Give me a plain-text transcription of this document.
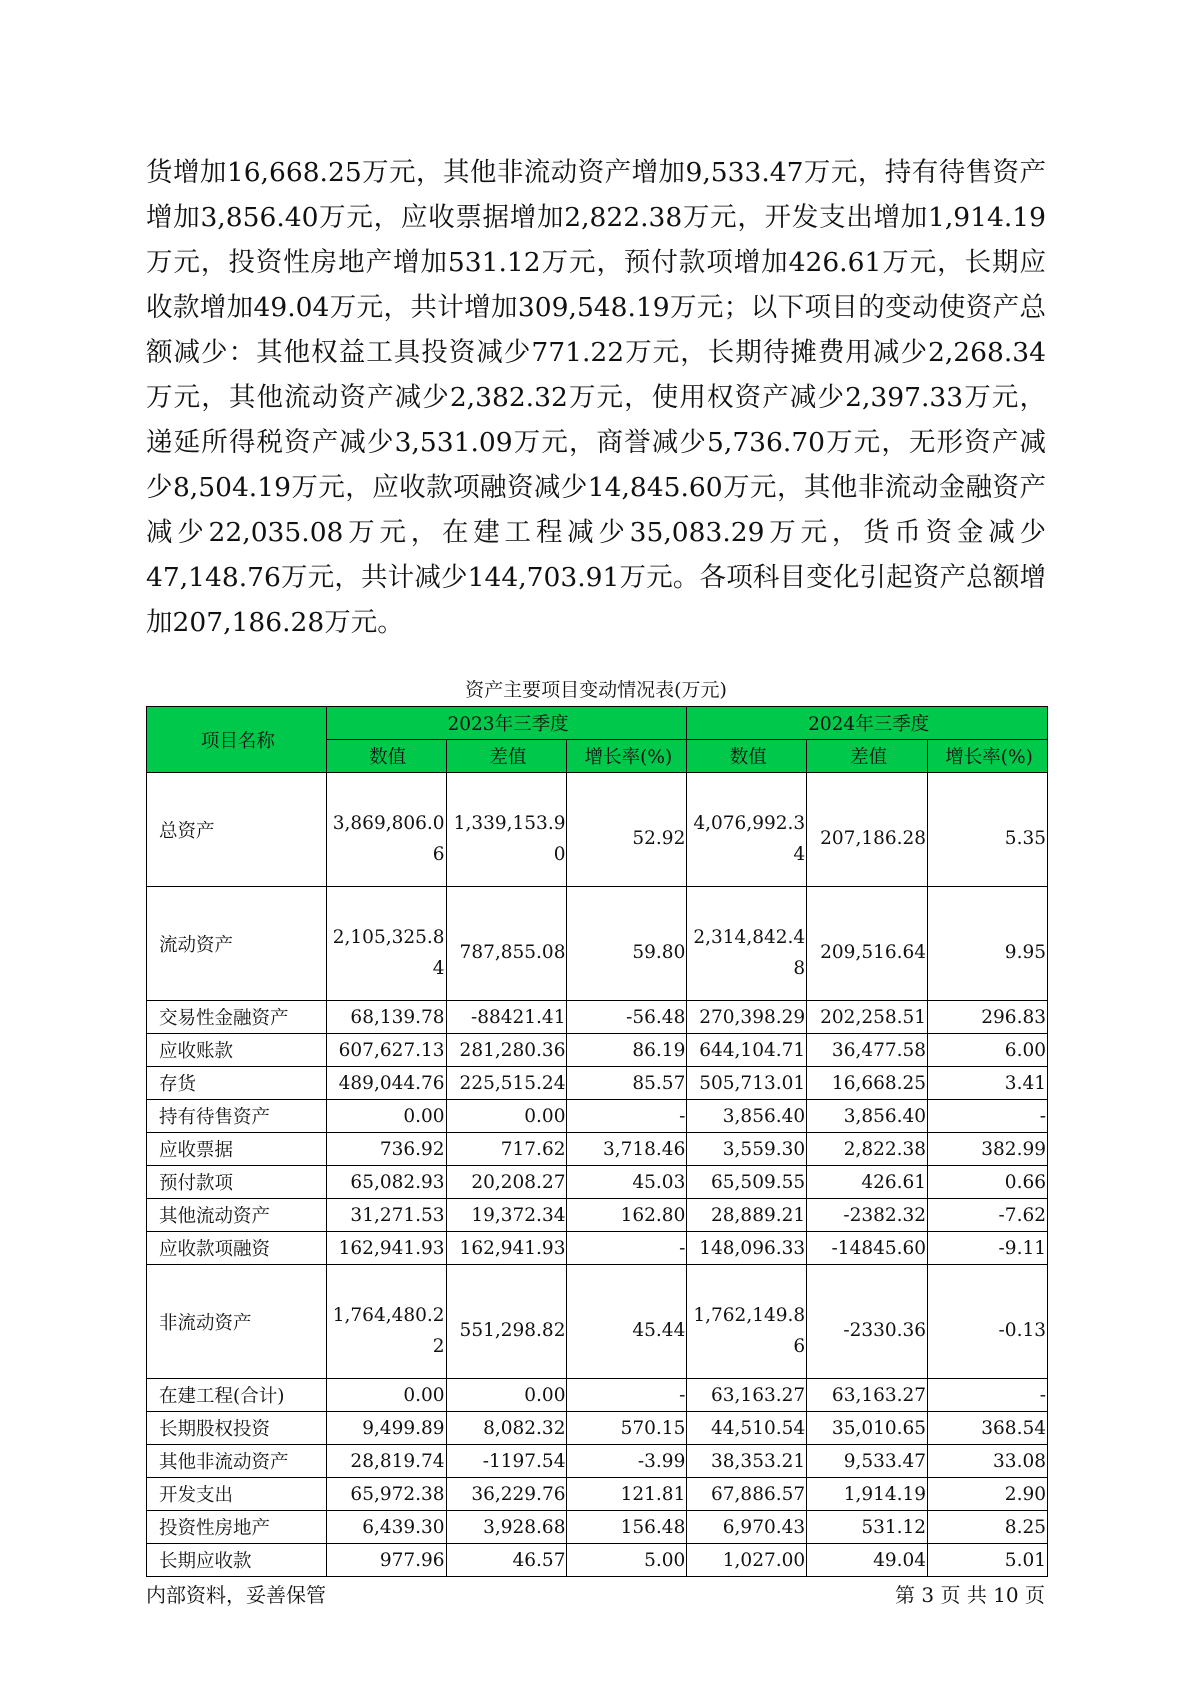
货增加16,668.25万元，其他非流动资产增加9,533.47万元，持有待售资产
增加3,856.40万元，应收票据增加2,822.38万元，开发支出增加1,914.19
万元，投资性房地产增加531.12万元，预付款项增加426.61万元，长期应
收款增加49.04万元，共计增加309,548.19万元；以下项目的变动使资产总
额减少：其他权益工具投资减少771.22万元，长期待摊费用减少2,268.34
万元，其他流动资产减少2,382.32万元，使用权资产减少2,397.33万元，
递延所得税资产减少3,531.09万元，商誉减少5,736.70万元，无形资产减
少8,504.19万元，应收款项融资减少14,845.60万元，其他非流动金融资产
减少22,035.08万元，在建工程减少35,083.29万元，货币资金减少
47,148.76万元，共计减少144,703.91万元。各项科目变化引起资产总额增
加207,186.28万元。
资产主要项目变动情况表(万元)
项目名称	2023年三季度			2024年三季度		
	数值	差值	增长率(%)	数值	差值	增长率(%)
总资产	3,869,806.06	1,339,153.90	52.92	4,076,992.34	207,186.28	5.35
流动资产	2,105,325.84	787,855.08	59.80	2,314,842.48	209,516.64	9.95
交易性金融资产	68,139.78	-88421.41	-56.48	270,398.29	202,258.51	296.83
应收账款	607,627.13	281,280.36	86.19	644,104.71	36,477.58	6.00
存货	489,044.76	225,515.24	85.57	505,713.01	16,668.25	3.41
持有待售资产	0.00	0.00	-	3,856.40	3,856.40	-
应收票据	736.92	717.62	3,718.46	3,559.30	2,822.38	382.99
预付款项	65,082.93	20,208.27	45.03	65,509.55	426.61	0.66
其他流动资产	31,271.53	19,372.34	162.80	28,889.21	-2382.32	-7.62
应收款项融资	162,941.93	162,941.93	-	148,096.33	-14845.60	-9.11
非流动资产	1,764,480.22	551,298.82	45.44	1,762,149.86	-2330.36	-0.13
在建工程(合计)	0.00	0.00	-	63,163.27	63,163.27	-
长期股权投资	9,499.89	8,082.32	570.15	44,510.54	35,010.65	368.54
其他非流动资产	28,819.74	-1197.54	-3.99	38,353.21	9,533.47	33.08
开发支出	65,972.38	36,229.76	121.81	67,886.57	1,914.19	2.90
投资性房地产	6,439.30	3,928.68	156.48	6,970.43	531.12	8.25
长期应收款	977.96	46.57	5.00	1,027.00	49.04	5.01
内部资料，妥善保管	第 3 页 共 10 页
